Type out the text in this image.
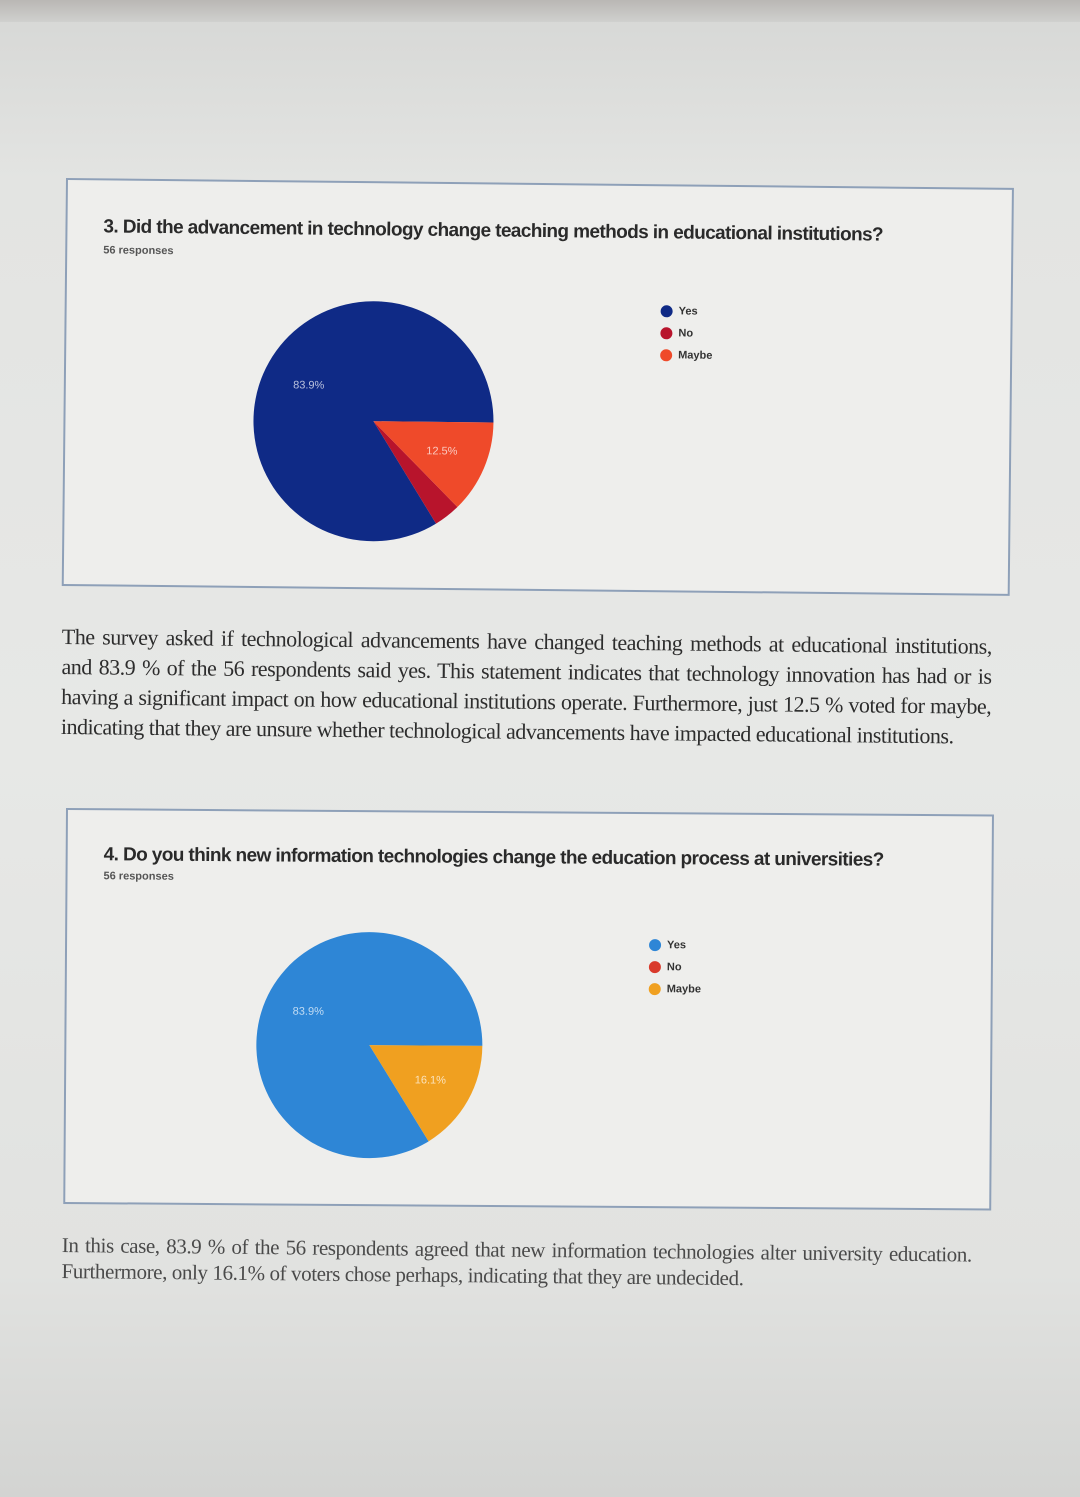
3. Did the advancement in technology change teaching methods in educational institutions?
56 responses
83.9%
12.5%
Yes
No
Maybe

The survey asked if technological advancements have changed teaching methods at educational institutions, and 83.9 % of the 56 respondents said yes. This statement indicates that technology innovation has had or is having a significant impact on how educational institutions operate. Furthermore, just 12.5 % voted for maybe, indicating that they are unsure whether technological advancements have impacted educational institutions.

4. Do you think new information technologies change the education process at universities?
56 responses
83.9%
16.1%
Yes
No
Maybe

In this case, 83.9 % of the 56 respondents agreed that new information technologies alter university education. Furthermore, only 16.1% of voters chose perhaps, indicating that they are undecided.
